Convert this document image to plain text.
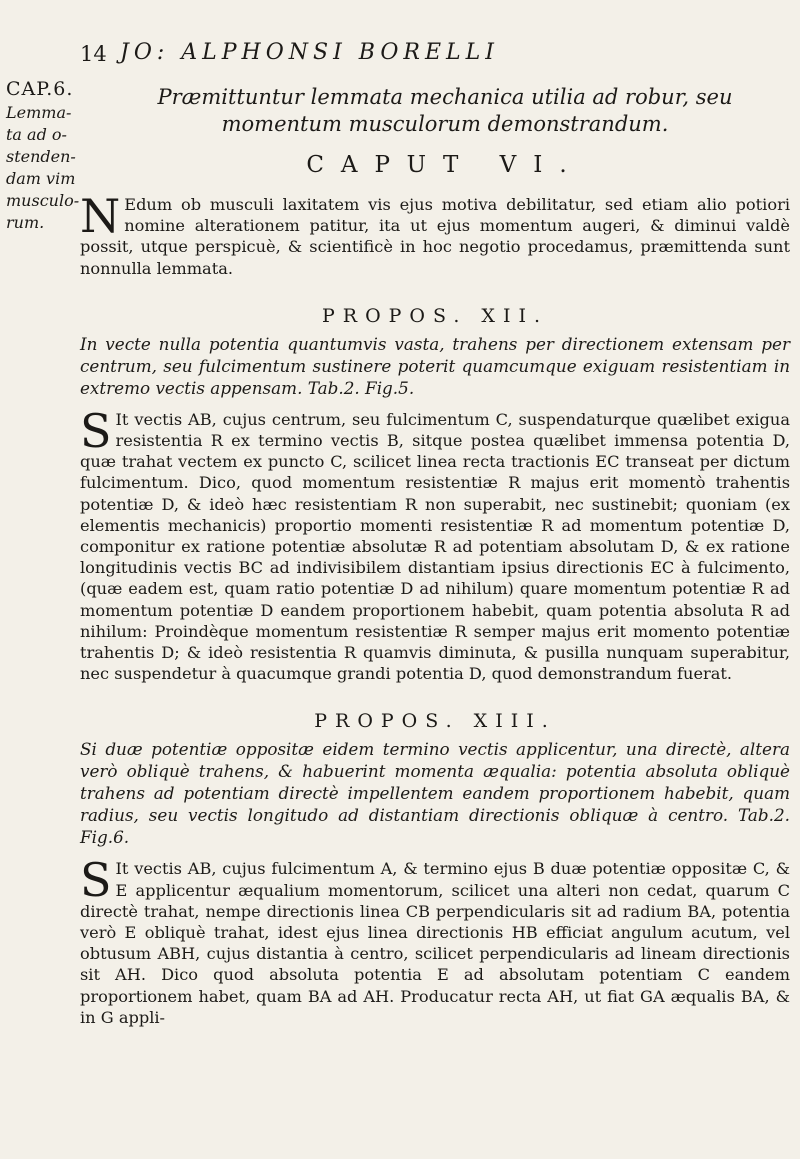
14 JO: ALPHONSI BORELLI
CAP.6.
Lemma-
ta ad o-
stenden-
dam vim
musculo-
rum.
Præmittuntur lemmata mechanica utilia ad robur, seu momentum musculorum demonstrandum.
CAPUT VI.

N Edum ob musculi laxitatem vis ejus motiva debilitatur, sed etiam alio potiori nomine alterationem patitur, ita ut ejus momentum augeri, & diminui valdè possit, utque perspicuè, & scientificè in hoc negotio procedamus, præmittenda sunt nonnulla lemmata.

PROPOS. XII.

In vecte nulla potentia quantumvis vasta, trahens per directionem extensam per centrum, seu fulcimentum sustinere poterit quamcumque exiguam resistentiam in extremo vectis appensam. Tab.2. Fig.5.

S It vectis AB, cujus centrum, seu fulcimentum C, suspendaturque quælibet exigua resistentia R ex termino vectis B, sitque postea quælibet immensa potentia D, quæ trahat vectem ex puncto C, scilicet linea recta tractionis EC transeat per dictum fulcimentum. Dico, quod momentum resistentiæ R majus erit momentò trahentis potentiæ D, & ideò hæc resistentiam R non superabit, nec sustinebit; quoniam (ex elementis mechanicis) proportio momenti resistentiæ R ad momentum potentiæ D, componitur ex ratione potentiæ absolutæ R ad potentiam absolutam D, & ex ratione longitudinis vectis BC ad indivisibilem distantiam ipsius directionis EC à fulcimento, (quæ eadem est, quam ratio potentiæ D ad nihilum) quare momentum potentiæ R ad momentum potentiæ D eandem proportionem habebit, quam potentia absoluta R ad nihilum: Proindèque momentum resistentiæ R semper majus erit momento potentiæ trahentis D; & ideò resistentia R quamvis diminuta, & pusilla nunquam superabitur, nec suspendetur à quacumque grandi potentia D, quod demonstrandum fuerat.

PROPOS. XIII.

Si duæ potentiæ oppositæ eidem termino vectis applicentur, una directè, altera verò obliquè trahens, & habuerint momenta æqualia: potentia absoluta obliquè trahens ad potentiam directè impellentem eandem proportionem habebit, quam radius, seu vectis longitudo ad distantiam directionis obliquæ à centro. Tab.2. Fig.6.

S It vectis AB, cujus fulcimentum A, & termino ejus B duæ potentiæ oppositæ C, & E applicentur æqualium momentorum, scilicet una alteri non cedat, quarum C directè trahat, nempe directionis linea CB perpendicularis sit ad radium BA, potentia verò E obliquè trahat, idest ejus linea directionis HB efficiat angulum acutum, vel obtusum ABH, cujus distantia à centro, scilicet perpendicularis ad lineam directionis sit AH. Dico quod absoluta potentia E ad absolutam potentiam C eandem proportionem habet, quam BA ad AH. Producatur recta AH, ut fiat GA æqualis BA, & in G appli-
